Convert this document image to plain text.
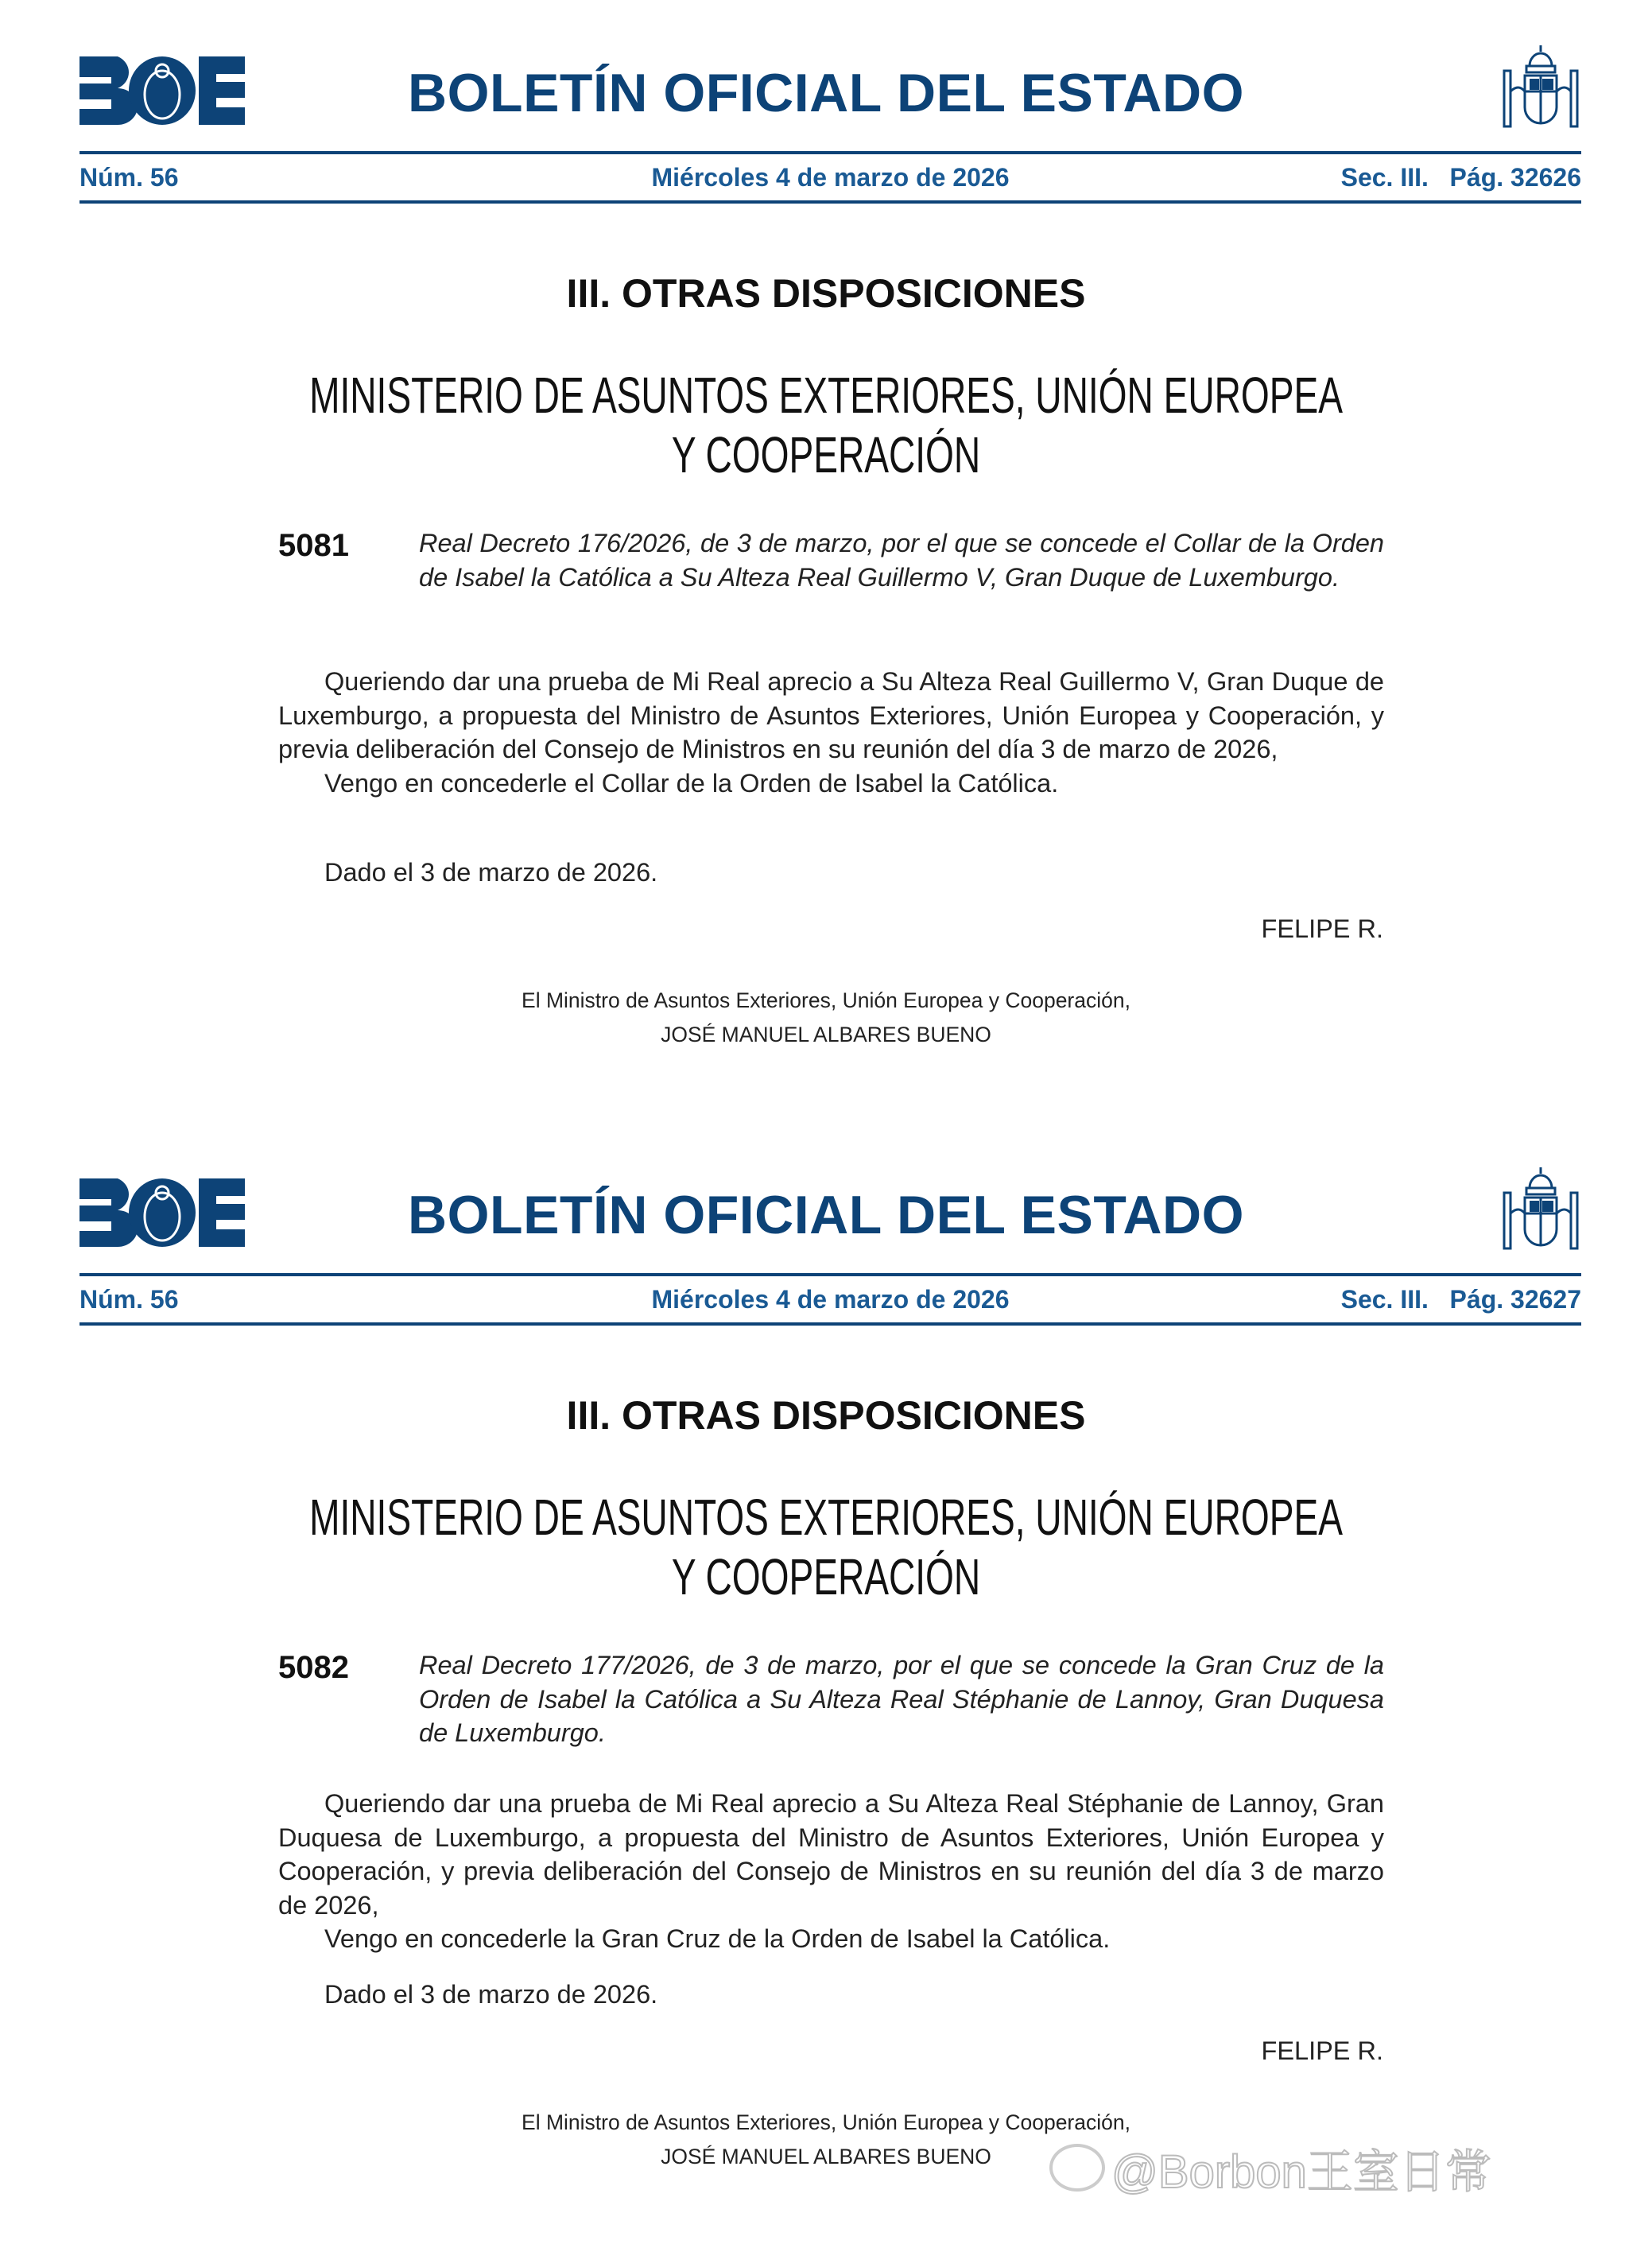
BOLETÍN OFICIAL DEL ESTADO
Núm. 56	Miércoles 4 de marzo de 2026	Sec. III. Pág. 32626
III. OTRAS DISPOSICIONES
MINISTERIO DE ASUNTOS EXTERIORES, UNIÓN EUROPEA
Y COOPERACIÓN
5081	Real Decreto 176/2026, de 3 de marzo, por el que se concede el Collar de la Orden de Isabel la Católica a Su Alteza Real Guillermo V, Gran Duque de Luxemburgo.

Queriendo dar una prueba de Mi Real aprecio a Su Alteza Real Guillermo V, Gran Duque de Luxemburgo, a propuesta del Ministro de Asuntos Exteriores, Unión Europea y Cooperación, y previa deliberación del Consejo de Ministros en su reunión del día 3 de marzo de 2026,

Vengo en concederle el Collar de la Orden de Isabel la Católica.

Dado el 3 de marzo de 2026.
FELIPE R.
El Ministro de Asuntos Exteriores, Unión Europea y Cooperación,
JOSÉ MANUEL ALBARES BUENO
BOLETÍN OFICIAL DEL ESTADO
Núm. 56	Miércoles 4 de marzo de 2026	Sec. III. Pág. 32627
III. OTRAS DISPOSICIONES
MINISTERIO DE ASUNTOS EXTERIORES, UNIÓN EUROPEA
Y COOPERACIÓN
5082	Real Decreto 177/2026, de 3 de marzo, por el que se concede la Gran Cruz de la Orden de Isabel la Católica a Su Alteza Real Stéphanie de Lannoy, Gran Duquesa de Luxemburgo.

Queriendo dar una prueba de Mi Real aprecio a Su Alteza Real Stéphanie de Lannoy, Gran Duquesa de Luxemburgo, a propuesta del Ministro de Asuntos Exteriores, Unión Europea y Cooperación, y previa deliberación del Consejo de Ministros en su reunión del día 3 de marzo de 2026,

Vengo en concederle la Gran Cruz de la Orden de Isabel la Católica.

Dado el 3 de marzo de 2026.
FELIPE R.
El Ministro de Asuntos Exteriores, Unión Europea y Cooperación,
JOSÉ MANUEL ALBARES BUENO	@Borbon王室日常
